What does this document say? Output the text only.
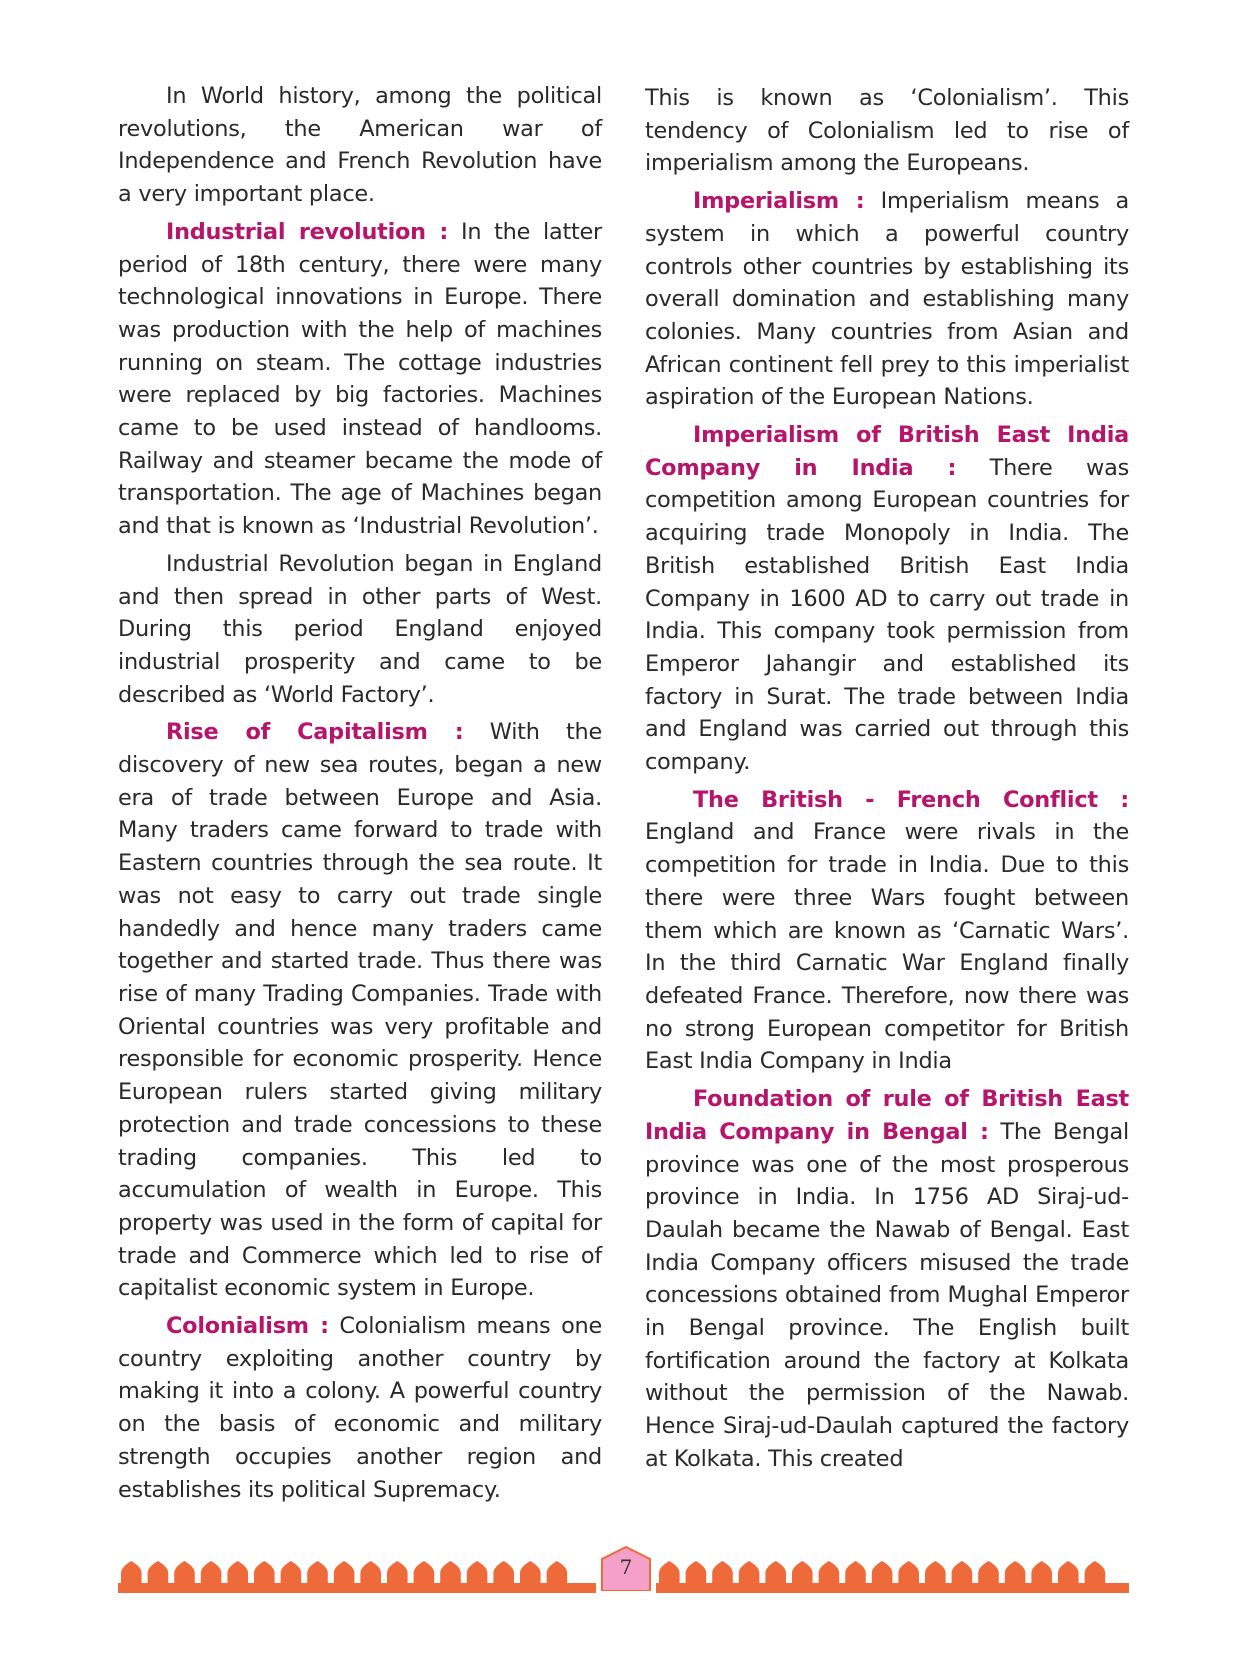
In World history, among the political revolutions, the American war of Independence and French Revolution have a very important place.

Industrial revolution : In the latter period of 18th century, there were many technological innovations in Europe. There was production with the help of machines running on steam. The cottage industries were replaced by big factories. Machines came to be used instead of handlooms. Railway and steamer became the mode of transportation. The age of Machines began and that is known as ‘Industrial Revolution’.

Industrial Revolution began in England and then spread in other parts of West. During this period England enjoyed industrial prosperity and came to be described as ‘World Factory’.

Rise of Capitalism : With the discovery of new sea routes, began a new era of trade between Europe and Asia. Many traders came forward to trade with Eastern countries through the sea route. It was not easy to carry out trade single handedly and hence many traders came together and started trade. Thus there was rise of many Trading Companies. Trade with Oriental countries was very profitable and responsible for economic prosperity. Hence European rulers started giving military protection and trade concessions to these trading companies. This led to accumulation of wealth in Europe. This property was used in the form of capital for trade and Commerce which led to rise of capitalist economic system in Europe.

Colonialism : Colonialism means one country exploiting another country by making it into a colony. A powerful country on the basis of economic and military strength occupies another region and establishes its political Supremacy.

This is known as ‘Colonialism’. This tendency of Colonialism led to rise of imperialism among the Europeans.

Imperialism : Imperialism means a system in which a powerful country controls other countries by establishing its overall domination and establishing many colonies. Many countries from Asian and African continent fell prey to this imperialist aspiration of the European Nations.

Imperialism of British East India Company in India : There was competition among European countries for acquiring trade Monopoly in India. The British established British East India Company in 1600 AD to carry out trade in India. This company took permission from Emperor Jahangir and established its factory in Surat. The trade between India and England was carried out through this company.

The British - French Conflict : England and France were rivals in the competition for trade in India. Due to this there were three Wars fought between them which are known as ‘Carnatic Wars’. In the third Carnatic War England finally defeated France. Therefore, now there was no strong European competitor for British East India Company in India

Foundation of rule of British East India Company in Bengal : The Bengal province was one of the most prosperous province in India. In 1756 AD Siraj-ud-Daulah became the Nawab of Bengal. East India Company officers misused the trade concessions obtained from Mughal Emperor in Bengal province. The English built fortification around the factory at Kolkata without the permission of the Nawab. Hence Siraj-ud-Daulah captured the factory at Kolkata. This created

7
